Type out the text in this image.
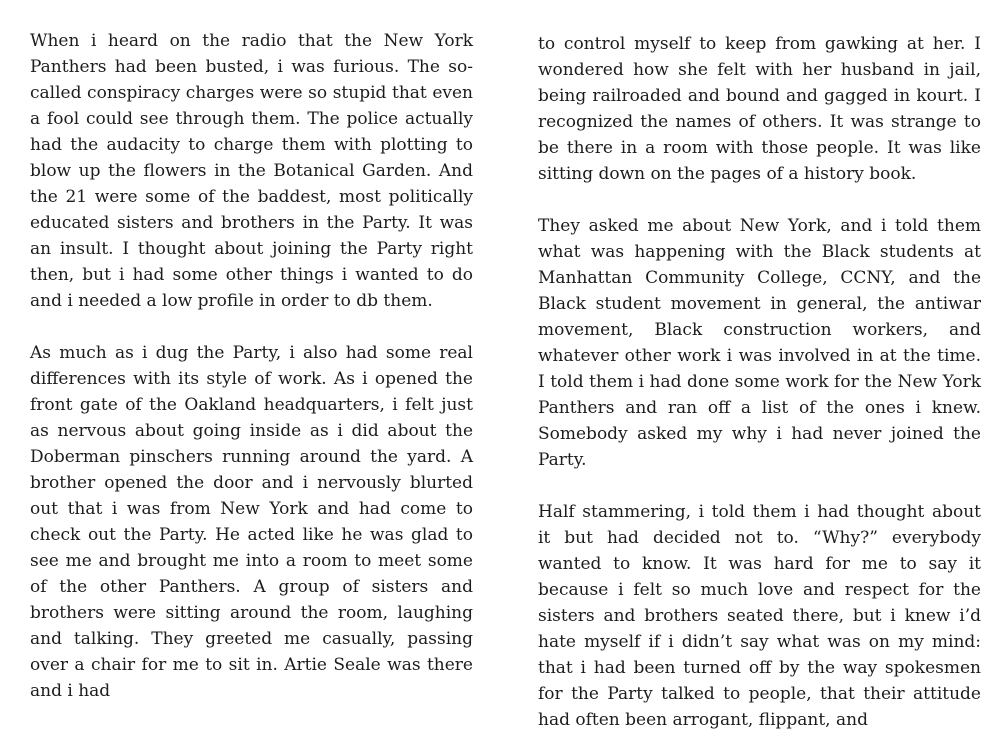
When i heard on the radio that the New York Panthers had been busted, i was furious. The so-called conspiracy charges were so stupid that even a fool could see through them. The police actually had the audacity to charge them with plotting to blow up the flowers in the Botanical Garden. And the 21 were some of the baddest, most politically educated sisters and brothers in the Party. It was an insult. I thought about joining the Party right then, but i had some other things i wanted to do and i needed a low profile in order to db them.

As much as i dug the Party, i also had some real differences with its style of work. As i opened the front gate of the Oakland headquarters, i felt just as nervous about going inside as i did about the Doberman pinschers running around the yard. A brother opened the door and i nervously blurted out that i was from New York and had come to check out the Party. He acted like he was glad to see me and brought me into a room to meet some of the other Panthers. A group of sisters and brothers were sitting around the room, laughing and talking. They greeted me casually, passing over a chair for me to sit in. Artie Seale was there and i had

to control myself to keep from gawking at her. I wondered how she felt with her husband in jail, being railroaded and bound and gagged in kourt. I recognized the names of others. It was strange to be there in a room with those people. It was like sitting down on the pages of a history book.

They asked me about New York, and i told them what was happening with the Black students at Manhattan Community College, CCNY, and the Black student movement in general, the antiwar movement, Black construction workers, and whatever other work i was involved in at the time. I told them i had done some work for the New York Panthers and ran off a list of the ones i knew. Somebody asked my why i had never joined the Party.

Half stammering, i told them i had thought about it but had decided not to. “Why?” everybody wanted to know. It was hard for me to say it because i felt so much love and respect for the sisters and brothers seated there, but i knew i’d hate myself if i didn’t say what was on my mind: that i had been turned off by the way spokesmen for the Party talked to people, that their attitude had often been arrogant, flippant, and
